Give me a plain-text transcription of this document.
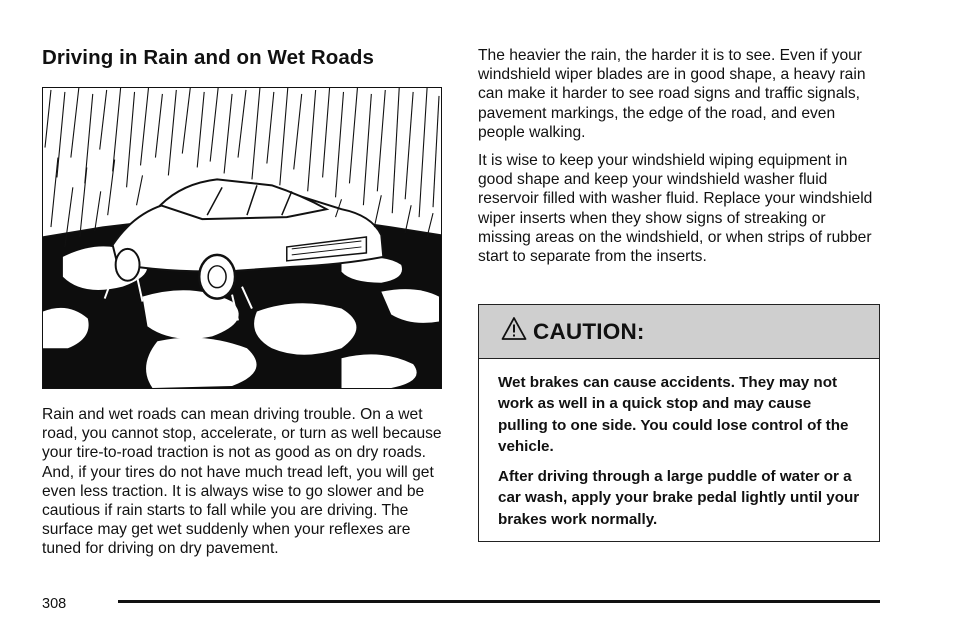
Driving in Rain and on Wet Roads

Rain and wet roads can mean driving trouble. On a wet road, you cannot stop, accelerate, or turn as well because your tire-to-road traction is not as good as on dry roads. And, if your tires do not have much tread left, you will get even less traction. It is always wise to go slower and be cautious if rain starts to fall while you are driving. The surface may get wet suddenly when your reflexes are tuned for driving on dry pavement.

The heavier the rain, the harder it is to see. Even if your windshield wiper blades are in good shape, a heavy rain can make it harder to see road signs and traffic signals, pavement markings, the edge of the road, and even people walking.

It is wise to keep your windshield wiping equipment in good shape and keep your windshield washer fluid reservoir filled with washer fluid. Replace your windshield wiper inserts when they show signs of streaking or missing areas on the windshield, or when strips of rubber start to separate from the inserts.

CAUTION:

Wet brakes can cause accidents. They may not work as well in a quick stop and may cause pulling to one side. You could lose control of the vehicle.

After driving through a large puddle of water or a car wash, apply your brake pedal lightly until your brakes work normally.

308
